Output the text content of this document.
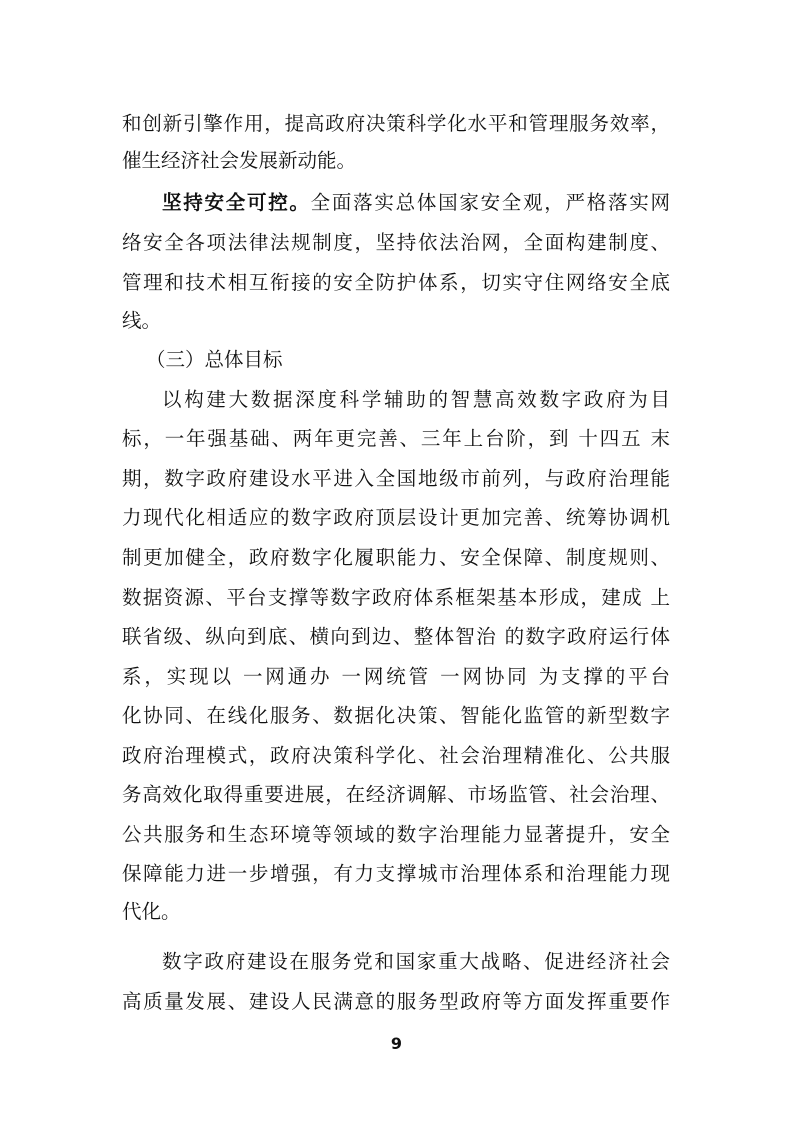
和创新引擎作用，提高政府决策科学化水平和管理服务效率，
催生经济社会发展新动能。
坚持安全可控。全面落实总体国家安全观，严格落实网
络安全各项法律法规制度，坚持依法治网，全面构建制度、
管理和技术相互衔接的安全防护体系，切实守住网络安全底
线。
（三）总体目标
以构建大数据深度科学辅助的智慧高效数字政府为目
标，一年强基础、两年更完善、三年上台阶，到 十四五 末
期，数字政府建设水平进入全国地级市前列，与政府治理能
力现代化相适应的数字政府顶层设计更加完善、统筹协调机
制更加健全，政府数字化履职能力、安全保障、制度规则、
数据资源、平台支撑等数字政府体系框架基本形成，建成 上
联省级、纵向到底、横向到边、整体智治 的数字政府运行体
系，实现以 一网通办 一网统管 一网协同 为支撑的平台
化协同、在线化服务、数据化决策、智能化监管的新型数字
政府治理模式，政府决策科学化、社会治理精准化、公共服
务高效化取得重要进展，在经济调解、市场监管、社会治理、
公共服务和生态环境等领域的数字治理能力显著提升，安全
保障能力进一步增强，有力支撑城市治理体系和治理能力现
代化。
数字政府建设在服务党和国家重大战略、促进经济社会
高质量发展、建设人民满意的服务型政府等方面发挥重要作
9
